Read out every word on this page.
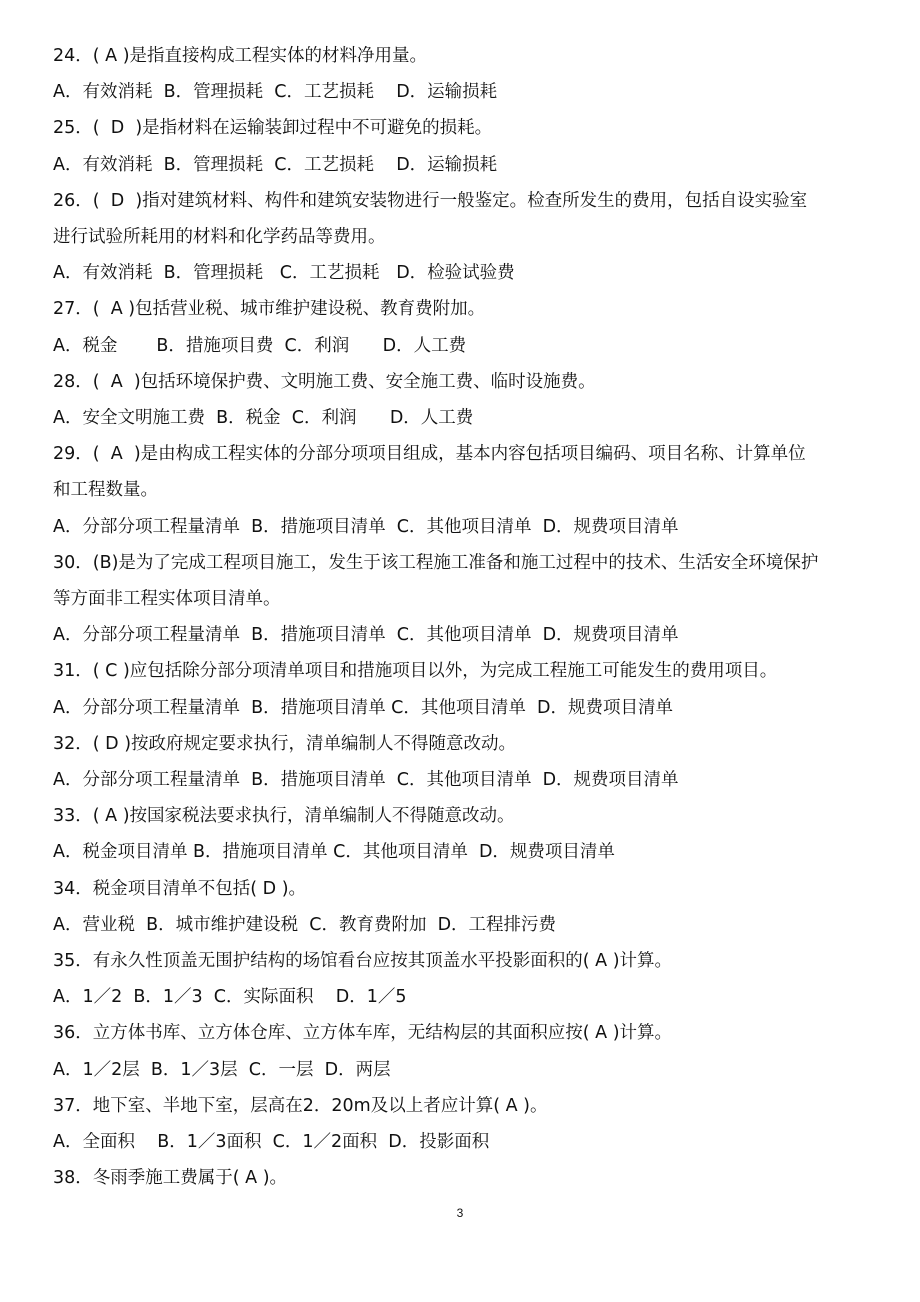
24．( A )是指直接构成工程实体的材料净用量。
A．有效消耗  B．管理损耗  C．工艺损耗    D．运输损耗
25．(  D  )是指材料在运输装卸过程中不可避免的损耗。
A．有效消耗  B．管理损耗  C．工艺损耗    D．运输损耗
26．(  D  )指对建筑材料、构件和建筑安装物进行一般鉴定。检查所发生的费用，包括自设实验室
进行试验所耗用的材料和化学药品等费用。
A．有效消耗  B．管理损耗   C．工艺损耗   D．检验试验费
27．(  A )包括营业税、城市维护建设税、教育费附加。
A．税金       B．措施项目费  C．利润      D．人工费
28．(  A  )包括环境保护费、文明施工费、安全施工费、临时设施费。
A．安全文明施工费  B．税金  C．利润      D．人工费
29．(  A  )是由构成工程实体的分部分项项目组成，基本内容包括项目编码、项目名称、计算单位
和工程数量。
A．分部分项工程量清单  B．措施项目清单  C．其他项目清单  D．规费项目清单
30．(B)是为了完成工程项目施工，发生于该工程施工准备和施工过程中的技术、生活安全环境保护
等方面非工程实体项目清单。
A．分部分项工程量清单  B．措施项目清单  C．其他项目清单  D．规费项目清单
31．( C )应包括除分部分项清单项目和措施项目以外，为完成工程施工可能发生的费用项目。
A．分部分项工程量清单  B．措施项目清单 C．其他项目清单  D．规费项目清单
32．( D )按政府规定要求执行，清单编制人不得随意改动。
A．分部分项工程量清单  B．措施项目清单  C．其他项目清单  D．规费项目清单
33．( A )按国家税法要求执行，清单编制人不得随意改动。
A．税金项目清单 B．措施项目清单 C．其他项目清单  D．规费项目清单
34．税金项目清单不包括( D )。
A．营业税  B．城市维护建设税  C．教育费附加  D．工程排污费
35．有永久性顶盖无围护结构的场馆看台应按其顶盖水平投影面积的( A )计算。
A．1／2  B．1／3  C．实际面积    D．1／5
36．立方体书库、立方体仓库、立方体车库，无结构层的其面积应按( A )计算。
A．1／2层  B．1／3层  C．一层  D．两层
37．地下室、半地下室，层高在2．20m及以上者应计算( A )。
A．全面积    B．1／3面积  C．1／2面积  D．投影面积
38．冬雨季施工费属于( A )。
3
